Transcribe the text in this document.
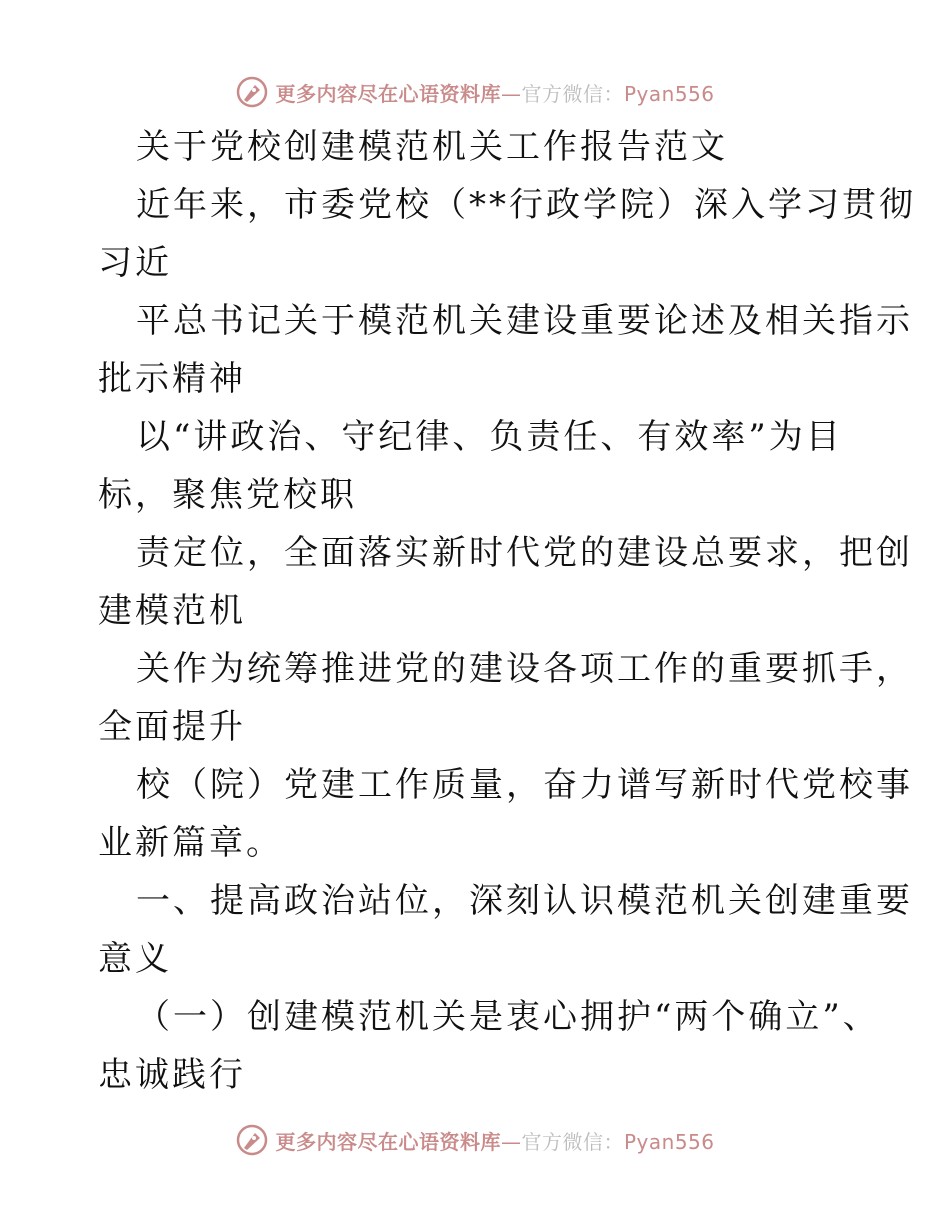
更多内容尽在心语资料库—官方微信：Pyan556
关于党校创建模范机关工作报告范文
近年来，市委党校（**行政学院）深入学习贯彻
习近
平总书记关于模范机关建设重要论述及相关指示
批示精神
以“讲政治、守纪律、负责任、有效率”为目
标，聚焦党校职
责定位，全面落实新时代党的建设总要求，把创
建模范机
关作为统筹推进党的建设各项工作的重要抓手，
全面提升
校（院）党建工作质量，奋力谱写新时代党校事
业新篇章。
一、提高政治站位，深刻认识模范机关创建重要
意义
（一）创建模范机关是衷心拥护“两个确立”、
忠诚践行
更多内容尽在心语资料库—官方微信：Pyan556
